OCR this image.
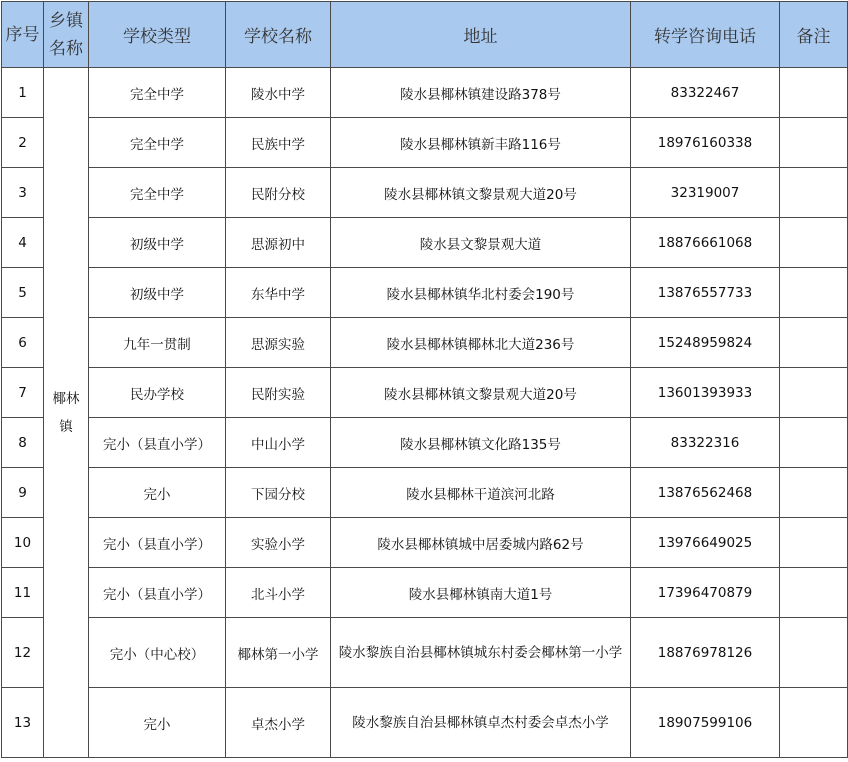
序号	乡镇名称	学校类型	学校名称	地址	转学咨询电话	备注
1	椰林镇	完全中学	陵水中学	陵水县椰林镇建设路378号	83322467	
2		完全中学	民族中学	陵水县椰林镇新丰路116号	18976160338	
3		完全中学	民附分校	陵水县椰林镇文黎景观大道20号	32319007	
4		初级中学	思源初中	陵水县文黎景观大道	18876661068	
5		初级中学	东华中学	陵水县椰林镇华北村委会190号	13876557733	
6		九年一贯制	思源实验	陵水县椰林镇椰林北大道236号	15248959824	
7		民办学校	民附实验	陵水县椰林镇文黎景观大道20号	13601393933	
8		完小（县直小学）	中山小学	陵水县椰林镇文化路135号	83322316	
9		完小	下园分校	陵水县椰林干道滨河北路	13876562468	
10		完小（县直小学）	实验小学	陵水县椰林镇城中居委城内路62号	13976649025	
11		完小（县直小学）	北斗小学	陵水县椰林镇南大道1号	17396470879	
12		完小（中心校）	椰林第一小学	陵水黎族自治县椰林镇城东村委会椰林第一小学	18876978126	
13		完小	卓杰小学	陵水黎族自治县椰林镇卓杰村委会卓杰小学	18907599106	
